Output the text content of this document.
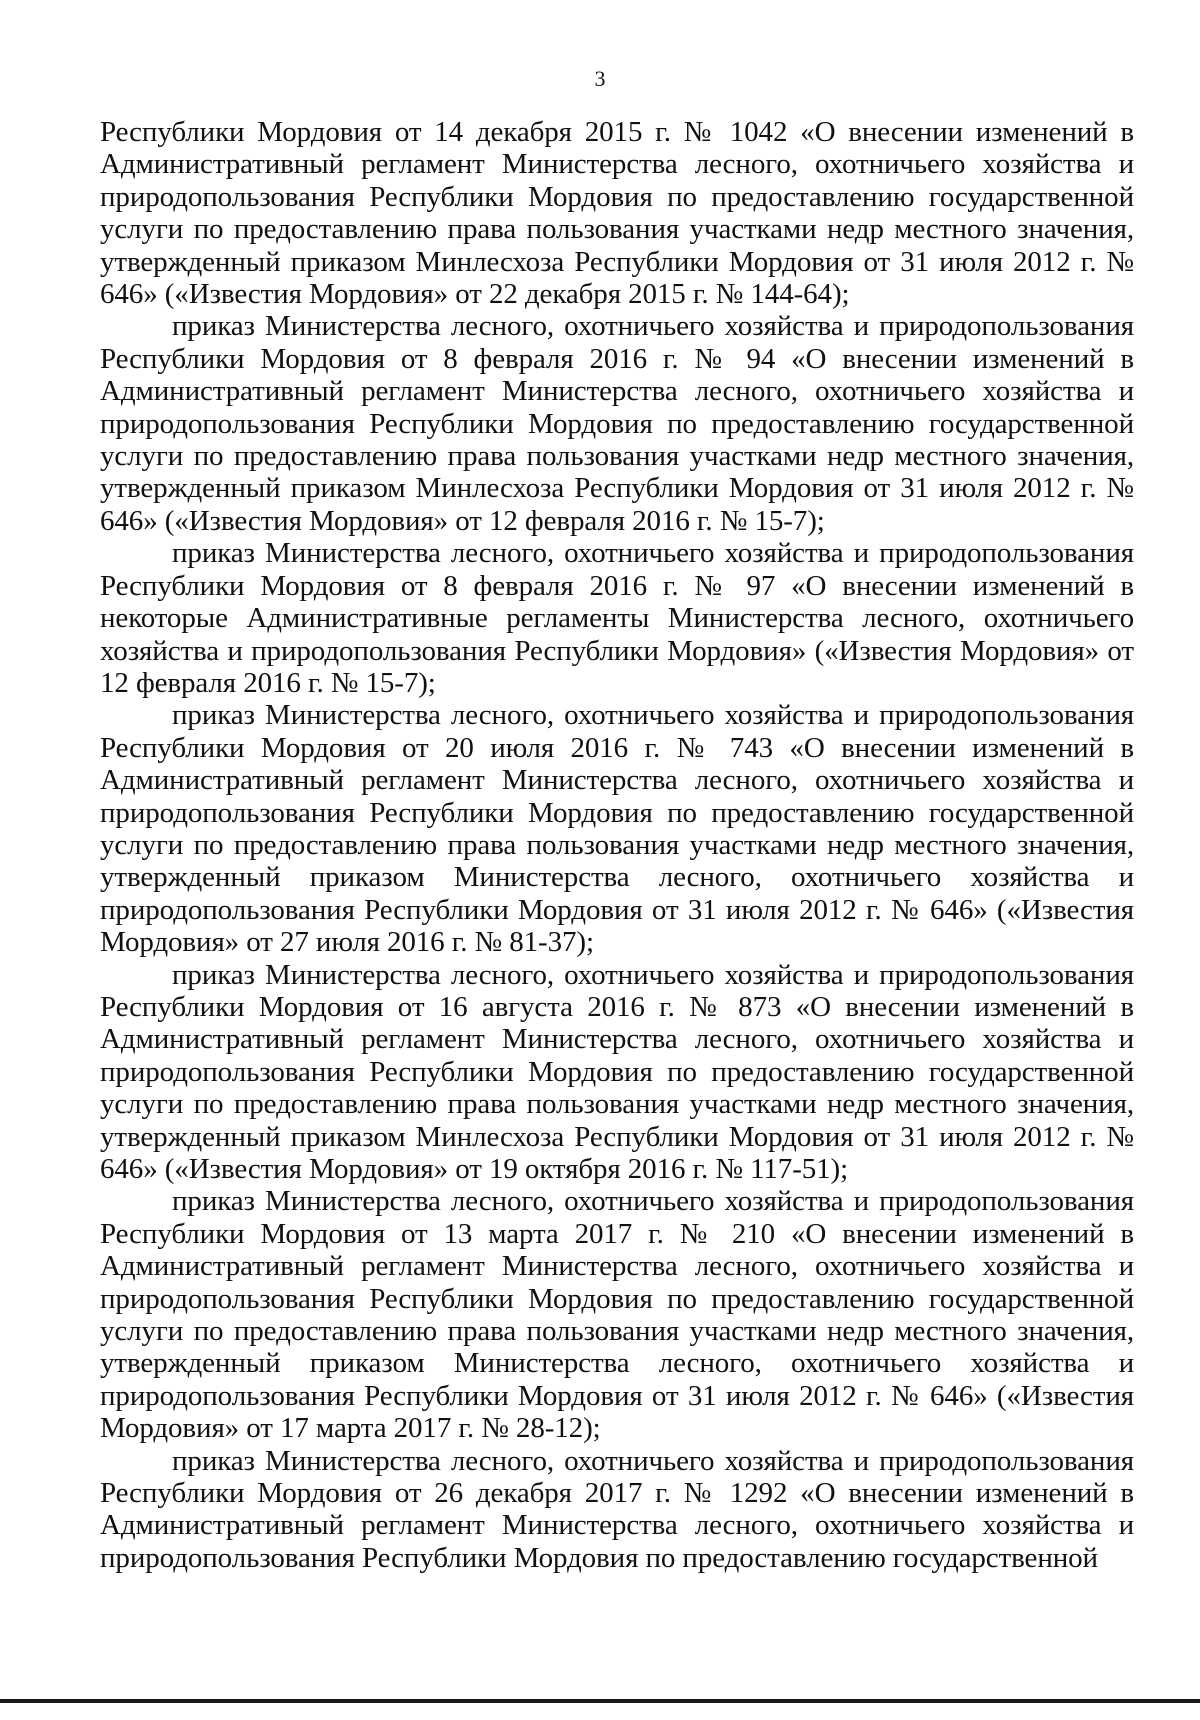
3

Республики Мордовия от 14 декабря 2015 г. № 1042 «О внесении изменений в Административный регламент Министерства лесного, охотничьего хозяйства и природопользования Республики Мордовия по предоставлению государственной услуги по предоставлению права пользования участками недр местного значения, утвержденный приказом Минлесхоза Республики Мордовия от 31 июля 2012 г. № 646» («Известия Мордовия» от 22 декабря 2015 г. № 144-64);

приказ Министерства лесного, охотничьего хозяйства и природопользования Республики Мордовия от 8 февраля 2016 г. № 94 «О внесении изменений в Административный регламент Министерства лесного, охотничьего хозяйства и природопользования Республики Мордовия по предоставлению государственной услуги по предоставлению права пользования участками недр местного значения, утвержденный приказом Минлесхоза Республики Мордовия от 31 июля 2012 г. № 646» («Известия Мордовия» от 12 февраля 2016 г. № 15-7);

приказ Министерства лесного, охотничьего хозяйства и природопользования Республики Мордовия от 8 февраля 2016 г. № 97 «О внесении изменений в некоторые Административные регламенты Министерства лесного, охотничьего хозяйства и природопользования Республики Мордовия» («Известия Мордовия» от 12 февраля 2016 г. № 15-7);

приказ Министерства лесного, охотничьего хозяйства и природопользования Республики Мордовия от 20 июля 2016 г. № 743 «О внесении изменений в Административный регламент Министерства лесного, охотничьего хозяйства и природопользования Республики Мордовия по предоставлению государственной услуги по предоставлению права пользования участками недр местного значения, утвержденный приказом Министерства лесного, охотничьего хозяйства и природопользования Республики Мордовия от 31 июля 2012 г. № 646» («Известия Мордовия» от 27 июля 2016 г. № 81-37);

приказ Министерства лесного, охотничьего хозяйства и природопользования Республики Мордовия от 16 августа 2016 г. № 873 «О внесении изменений в Административный регламент Министерства лесного, охотничьего хозяйства и природопользования Республики Мордовия по предоставлению государственной услуги по предоставлению права пользования участками недр местного значения, утвержденный приказом Минлесхоза Республики Мордовия от 31 июля 2012 г. № 646» («Известия Мордовия» от 19 октября 2016 г. № 117-51);

приказ Министерства лесного, охотничьего хозяйства и природопользования Республики Мордовия от 13 марта 2017 г. № 210 «О внесении изменений в Административный регламент Министерства лесного, охотничьего хозяйства и природопользования Республики Мордовия по предоставлению государственной услуги по предоставлению права пользования участками недр местного значения, утвержденный приказом Министерства лесного, охотничьего хозяйства и природопользования Республики Мордовия от 31 июля 2012 г. № 646» («Известия Мордовия» от 17 марта 2017 г. № 28-12);

приказ Министерства лесного, охотничьего хозяйства и природопользования Республики Мордовия от 26 декабря 2017 г. № 1292 «О внесении изменений в Административный регламент Министерства лесного, охотничьего хозяйства и природопользования Республики Мордовия по предоставлению государственной
